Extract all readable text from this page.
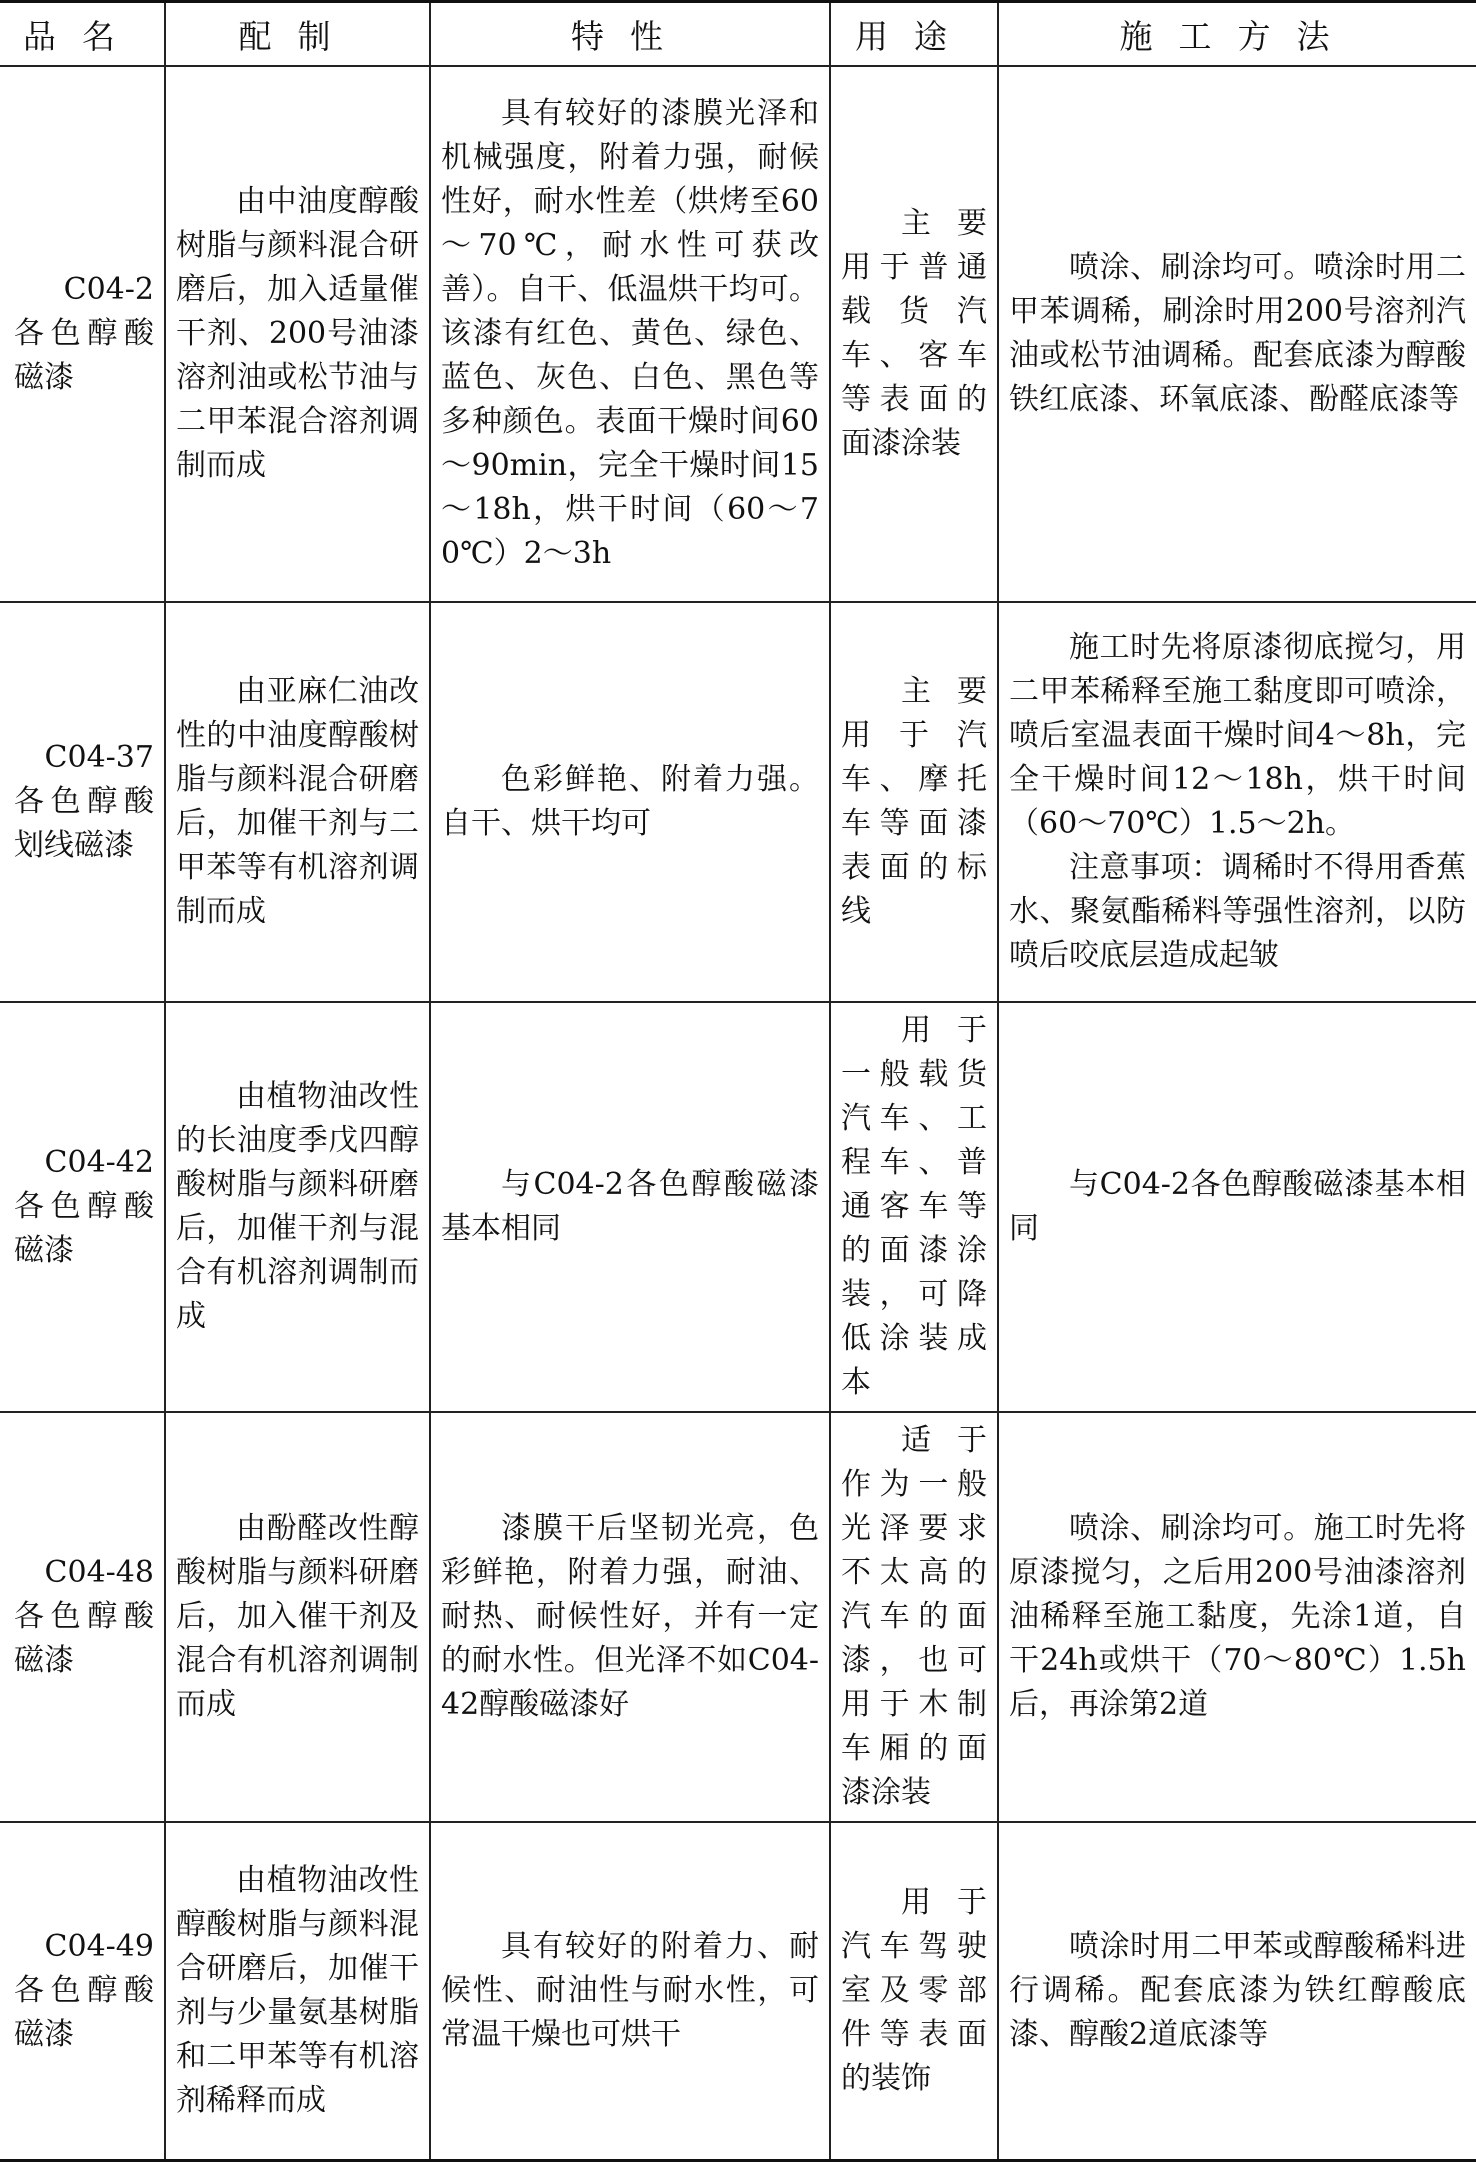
品名	配制	特性	用途	施工方法

C04-2
各色醇酸磁漆	由中油度醇酸树脂与颜料混合研磨后，加入适量催干剂、200号油漆溶剂油或松节油与二甲苯混合溶剂调制而成	具有较好的漆膜光泽和机械强度，附着力强，耐候性好，耐水性差（烘烤至60～70℃，耐水性可获改善）。自干、低温烘干均可。该漆有红色、黄色、绿色、蓝色、灰色、白色、黑色等多种颜色。表面干燥时间60～90min，完全干燥时间15～18h，烘干时间（60～70℃）2～3h	主要用于普通载货汽车、客车等表面的面漆涂装	喷涂、刷涂均可。喷涂时用二甲苯调稀，刷涂时用200号溶剂汽油或松节油调稀。配套底漆为醇酸铁红底漆、环氧底漆、酚醛底漆等

C04-37
各色醇酸划线磁漆	由亚麻仁油改性的中油度醇酸树脂与颜料混合研磨后，加催干剂与二甲苯等有机溶剂调制而成	色彩鲜艳、附着力强。自干、烘干均可	主要用于汽车、摩托车等面漆表面的标线	施工时先将原漆彻底搅匀，用二甲苯稀释至施工黏度即可喷涂，喷后室温表面干燥时间4～8h，完全干燥时间12～18h，烘干时间（60～70℃）1.5～2h。
注意事项：调稀时不得用香蕉水、聚氨酯稀料等强性溶剂，以防喷后咬底层造成起皱

C04-42
各色醇酸磁漆	由植物油改性的长油度季戊四醇酸树脂与颜料研磨后，加催干剂与混合有机溶剂调制而成	与C04-2各色醇酸磁漆基本相同	用于一般载货汽车、工程车、普通客车等的面漆涂装，可降低涂装成本	与C04-2各色醇酸磁漆基本相同

C04-48
各色醇酸磁漆	由酚醛改性醇酸树脂与颜料研磨后，加入催干剂及混合有机溶剂调制而成	漆膜干后坚韧光亮，色彩鲜艳，附着力强，耐油、耐热、耐候性好，并有一定的耐水性。但光泽不如C04-42醇酸磁漆好	适于作为一般光泽要求不太高的汽车的面漆，也可用于木制车厢的面漆涂装	喷涂、刷涂均可。施工时先将原漆搅匀，之后用200号油漆溶剂油稀释至施工黏度，先涂1道，自干24h或烘干（70～80℃）1.5h后，再涂第2道

C04-49
各色醇酸磁漆	由植物油改性醇酸树脂与颜料混合研磨后，加催干剂与少量氨基树脂和二甲苯等有机溶剂稀释而成	具有较好的附着力、耐候性、耐油性与耐水性，可常温干燥也可烘干	用于汽车驾驶室及零部件等表面的装饰	喷涂时用二甲苯或醇酸稀料进行调稀。配套底漆为铁红醇酸底漆、醇酸2道底漆等
